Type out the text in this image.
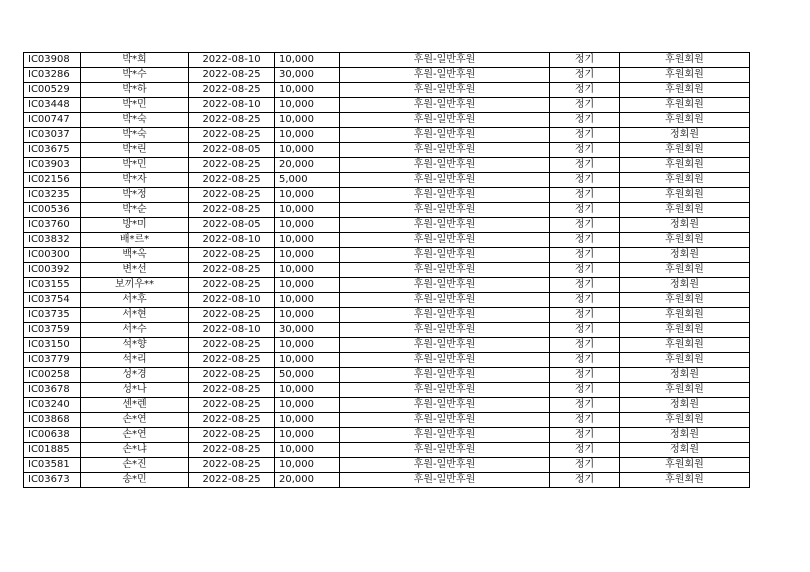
IC03908	박*희	2022-08-10	10,000	후원-일반후원	정기	후원회원
IC03286	박*수	2022-08-25	30,000	후원-일반후원	정기	후원회원
IC00529	박*하	2022-08-25	10,000	후원-일반후원	정기	후원회원
IC03448	박*민	2022-08-10	10,000	후원-일반후원	정기	후원회원
IC00747	박*숙	2022-08-25	10,000	후원-일반후원	정기	후원회원
IC03037	박*숙	2022-08-25	10,000	후원-일반후원	정기	정회원
IC03675	박*린	2022-08-05	10,000	후원-일반후원	정기	후원회원
IC03903	박*민	2022-08-25	20,000	후원-일반후원	정기	후원회원
IC02156	박*자	2022-08-25	5,000	후원-일반후원	정기	후원회원
IC03235	박*정	2022-08-25	10,000	후원-일반후원	정기	후원회원
IC00536	박*순	2022-08-25	10,000	후원-일반후원	정기	후원회원
IC03760	방*미	2022-08-05	10,000	후원-일반후원	정기	정회원
IC03832	배*르*	2022-08-10	10,000	후원-일반후원	정기	후원회원
IC00300	백*옥	2022-08-25	10,000	후원-일반후원	정기	정회원
IC00392	변*선	2022-08-25	10,000	후원-일반후원	정기	후원회원
IC03155	보끼우**	2022-08-25	10,000	후원-일반후원	정기	정회원
IC03754	서*후	2022-08-10	10,000	후원-일반후원	정기	후원회원
IC03735	서*현	2022-08-25	10,000	후원-일반후원	정기	후원회원
IC03759	서*수	2022-08-10	30,000	후원-일반후원	정기	후원회원
IC03150	석*향	2022-08-25	10,000	후원-일반후원	정기	후원회원
IC03779	석*리	2022-08-25	10,000	후원-일반후원	정기	후원회원
IC00258	성*경	2022-08-25	50,000	후원-일반후원	정기	정회원
IC03678	성*나	2022-08-25	10,000	후원-일반후원	정기	후원회원
IC03240	센*렌	2022-08-25	10,000	후원-일반후원	정기	정회원
IC03868	손*연	2022-08-25	10,000	후원-일반후원	정기	후원회원
IC00638	손*연	2022-08-25	10,000	후원-일반후원	정기	정회원
IC01885	손*냐	2022-08-25	10,000	후원-일반후원	정기	정회원
IC03581	손*진	2022-08-25	10,000	후원-일반후원	정기	후원회원
IC03673	송*민	2022-08-25	20,000	후원-일반후원	정기	후원회원
